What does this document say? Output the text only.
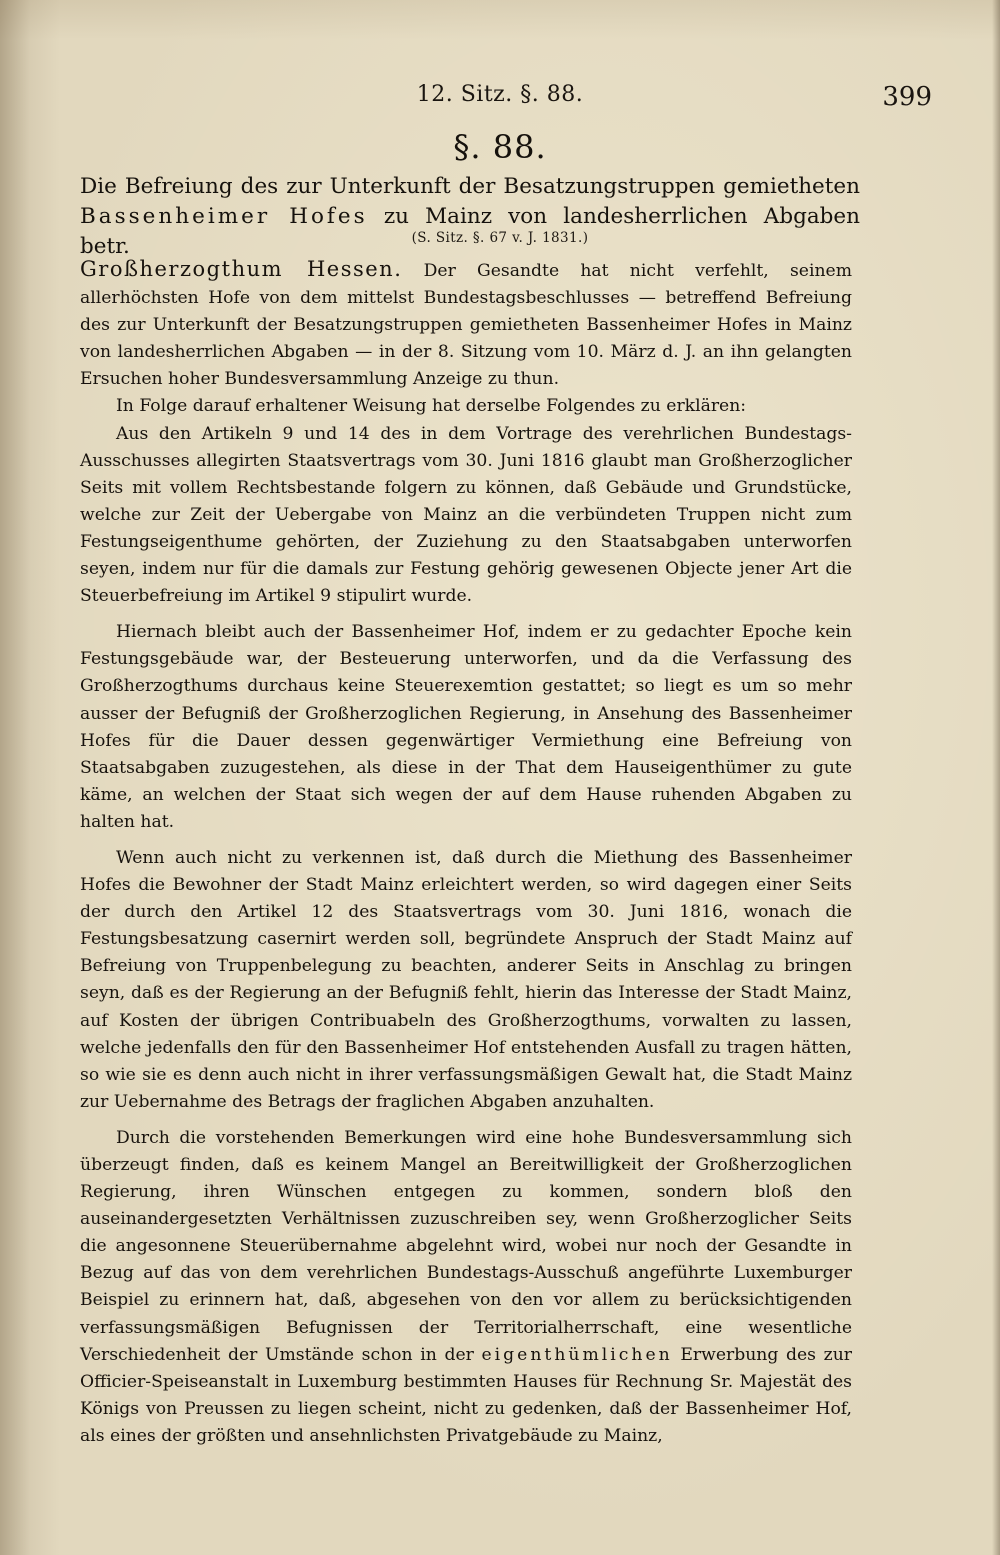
12. Sitz. §. 88.	399
§. 88.
Die Befreiung des zur Unterkunft der Besatzungstruppen gemietheten Bassenheimer Hofes zu Mainz von landesherrlichen Abgaben betr.	(S. Sitz. §. 67 v. J. 1831.)

Großherzogthum Hessen. Der Gesandte hat nicht verfehlt, seinem allerhöchsten Hofe von dem mittelst Bundestagsbeschlusses — betreffend Befreiung des zur Unterkunft der Besatzungstruppen gemietheten Bassenheimer Hofes in Mainz von landesherrlichen Abgaben — in der 8. Sitzung vom 10. März d. J. an ihn gelangten Ersuchen hoher Bundesversammlung Anzeige zu thun.

In Folge darauf erhaltener Weisung hat derselbe Folgendes zu erklären:

Aus den Artikeln 9 und 14 des in dem Vortrage des verehrlichen Bundestags-Ausschusses allegirten Staatsvertrags vom 30. Juni 1816 glaubt man Großherzoglicher Seits mit vollem Rechtsbestande folgern zu können, daß Gebäude und Grundstücke, welche zur Zeit der Uebergabe von Mainz an die verbündeten Truppen nicht zum Festungseigenthume gehörten, der Zuziehung zu den Staatsabgaben unterworfen seyen, indem nur für die damals zur Festung gehörig gewesenen Objecte jener Art die Steuerbefreiung im Artikel 9 stipulirt wurde.

Hiernach bleibt auch der Bassenheimer Hof, indem er zu gedachter Epoche kein Festungsgebäude war, der Besteuerung unterworfen, und da die Verfassung des Großherzogthums durchaus keine Steuerexemtion gestattet; so liegt es um so mehr ausser der Befugniß der Großherzoglichen Regierung, in Ansehung des Bassenheimer Hofes für die Dauer dessen gegenwärtiger Vermiethung eine Befreiung von Staatsabgaben zuzugestehen, als diese in der That dem Hauseigenthümer zu gute käme, an welchen der Staat sich wegen der auf dem Hause ruhenden Abgaben zu halten hat.

Wenn auch nicht zu verkennen ist, daß durch die Miethung des Bassenheimer Hofes die Bewohner der Stadt Mainz erleichtert werden, so wird dagegen einer Seits der durch den Artikel 12 des Staatsvertrags vom 30. Juni 1816, wonach die Festungsbesatzung casernirt werden soll, begründete Anspruch der Stadt Mainz auf Befreiung von Truppenbelegung zu beachten, anderer Seits in Anschlag zu bringen seyn, daß es der Regierung an der Befugniß fehlt, hierin das Interesse der Stadt Mainz, auf Kosten der übrigen Contribuabeln des Großherzogthums, vorwalten zu lassen, welche jedenfalls den für den Bassenheimer Hof entstehenden Ausfall zu tragen hätten, so wie sie es denn auch nicht in ihrer verfassungsmäßigen Gewalt hat, die Stadt Mainz zur Uebernahme des Betrags der fraglichen Abgaben anzuhalten.

Durch die vorstehenden Bemerkungen wird eine hohe Bundesversammlung sich überzeugt finden, daß es keinem Mangel an Bereitwilligkeit der Großherzoglichen Regierung, ihren Wünschen entgegen zu kommen, sondern bloß den auseinandergesetzten Verhältnissen zuzuschreiben sey, wenn Großherzoglicher Seits die angesonnene Steuerübernahme abgelehnt wird, wobei nur noch der Gesandte in Bezug auf das von dem verehrlichen Bundestags-Ausschuß angeführte Luxemburger Beispiel zu erinnern hat, daß, abgesehen von den vor allem zu berücksichtigenden verfassungsmäßigen Befugnissen der Territorialherrschaft, eine wesentliche Verschiedenheit der Umstände schon in der eigenthümlichen Erwerbung des zur Officier-Speiseanstalt in Luxemburg bestimmten Hauses für Rechnung Sr. Majestät des Königs von Preussen zu liegen scheint, nicht zu gedenken, daß der Bassenheimer Hof, als eines der größten und ansehnlichsten Privatgebäude zu Mainz,
